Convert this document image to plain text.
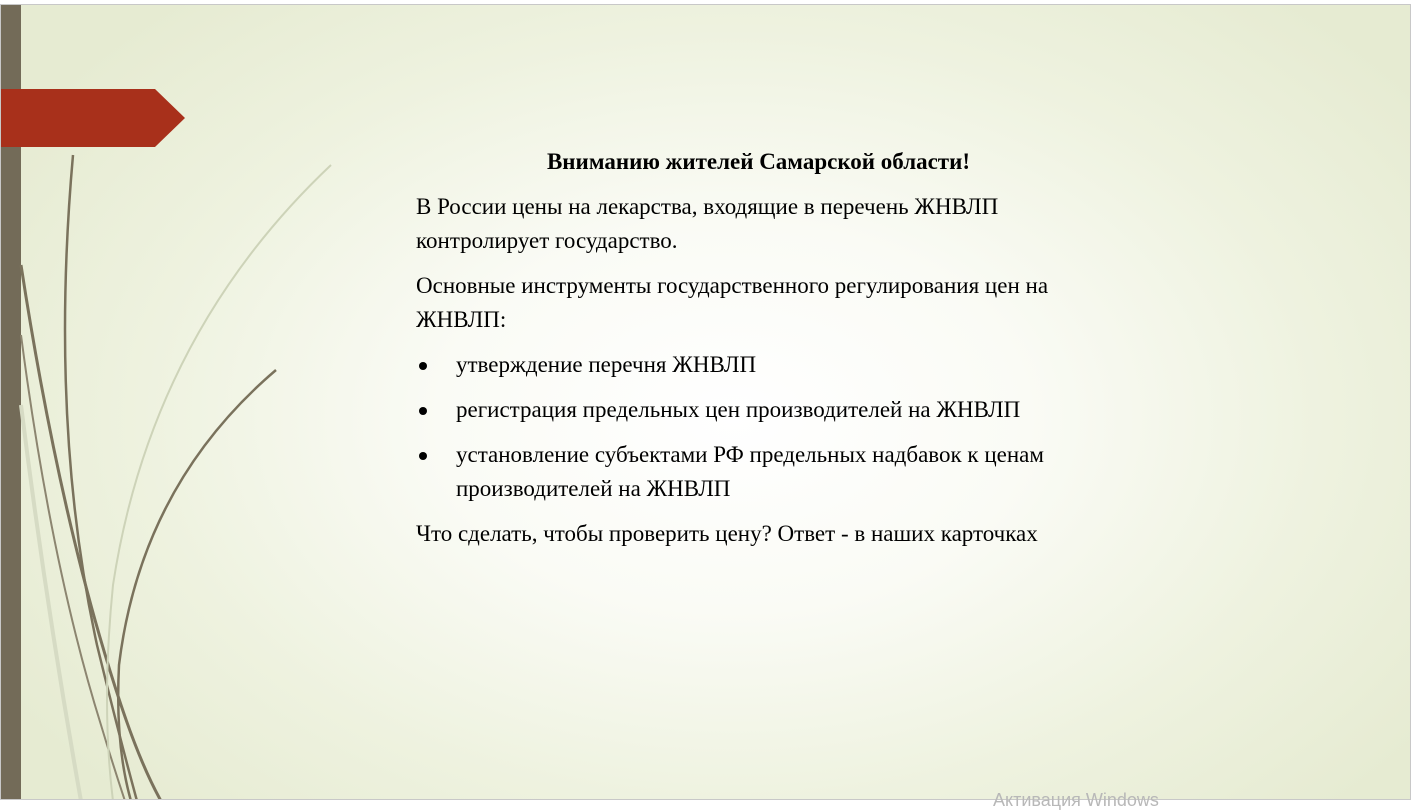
Вниманию жителей Самарской области!

В России цены на лекарства, входящие в перечень ЖНВЛП контролирует государство.

Основные инструменты государственного регулирования цен на ЖНВЛП:

утверждение перечня ЖНВЛП
регистрация предельных цен производителей на ЖНВЛП
установление субъектами РФ предельных надбавок к ценам производителей на ЖНВЛП

Что сделать, чтобы проверить цену? Ответ - в наших карточках

Активация Windows
